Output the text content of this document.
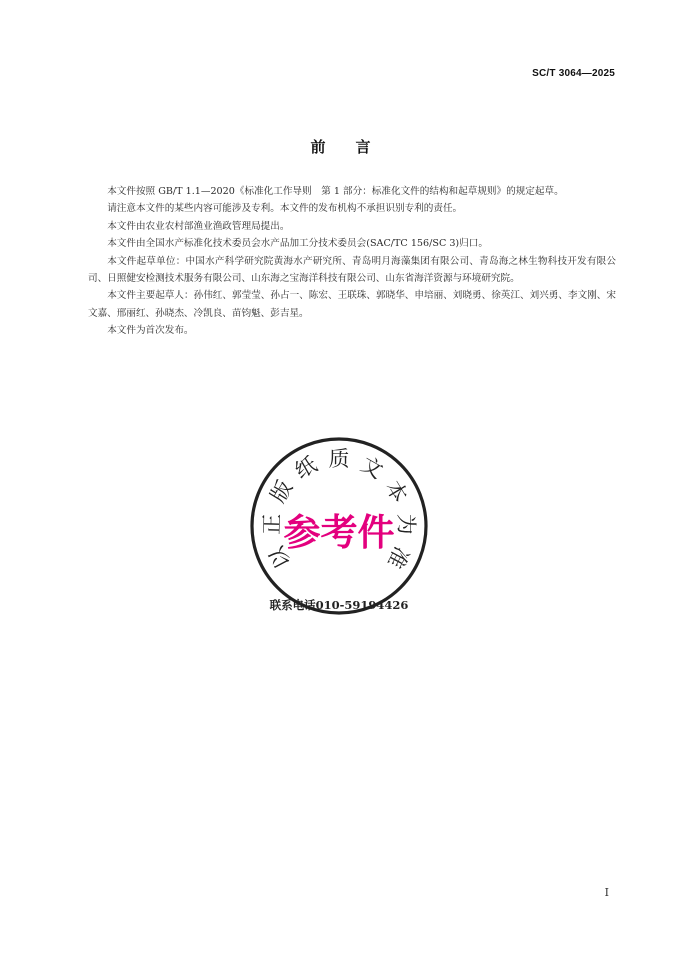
SC/T 3064—2025
前言

本文件按照 GB/T 1.1—2020《标准化工作导则　第 1 部分：标准化文件的结构和起草规则》的规定起草。

请注意本文件的某些内容可能涉及专利。本文件的发布机构不承担识别专利的责任。

本文件由农业农村部渔业渔政管理局提出。

本文件由全国水产标准化技术委员会水产品加工分技术委员会(SAC/TC 156/SC 3)归口。

本文件起草单位：中国水产科学研究院黄海水产研究所、青岛明月海藻集团有限公司、青岛海之林生物科技开发有限公司、日照健安检测技术服务有限公司、山东海之宝海洋科技有限公司、山东省海洋资源与环境研究院。

本文件主要起草人：孙伟红、郭莹莹、孙占一、陈宏、王联珠、郭晓华、申培丽、刘晓勇、徐英江、刘兴勇、李文刚、宋文嘉、邢丽红、孙晓杰、冷凯良、苗钧魁、彭吉星。

本文件为首次发布。

以
正
版
纸 质 文
本
为
准
参考件
联系电话010-59194426
I
